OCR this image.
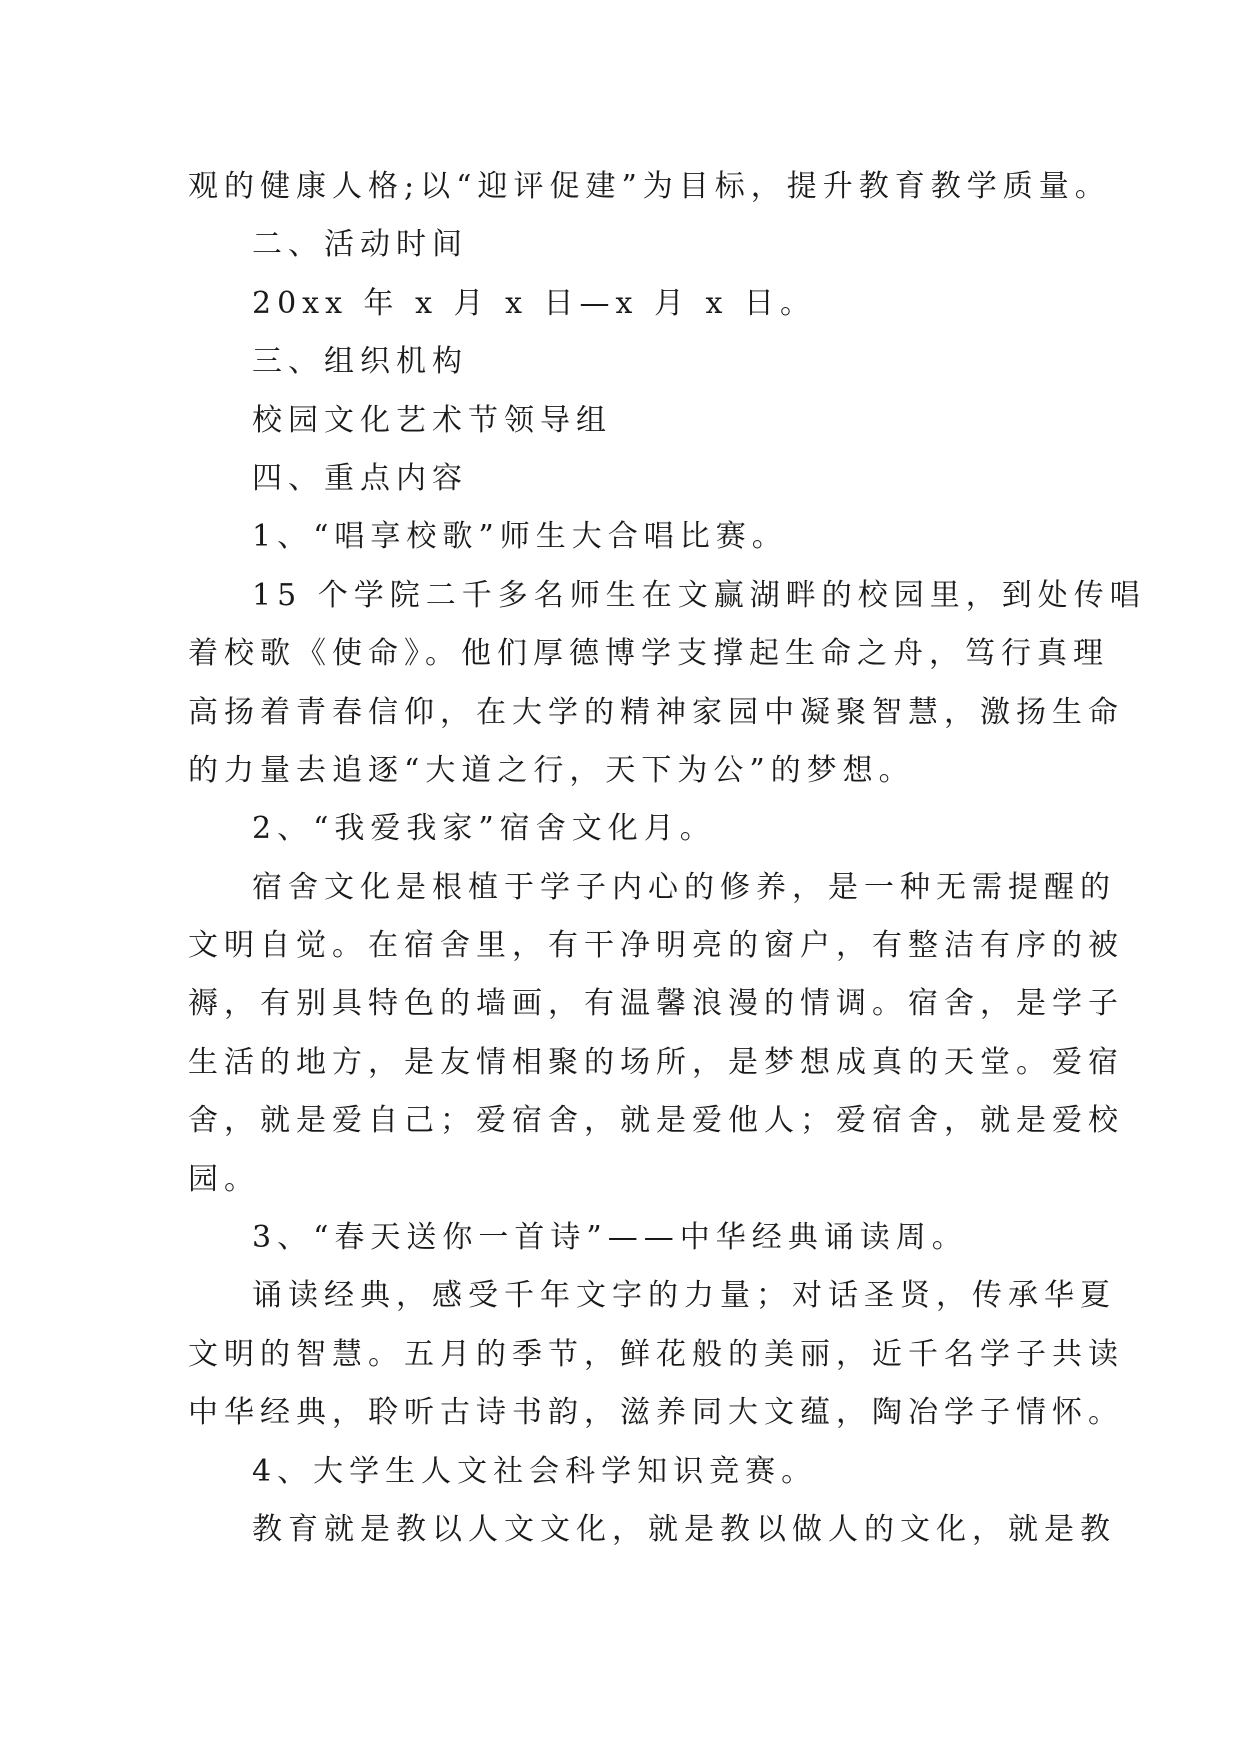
观的健康人格;以“迎评促建”为目标，提升教育教学质量。
二、活动时间
20xx 年 x 月 x 日—x 月 x 日。
三、组织机构
校园文化艺术节领导组
四、重点内容
1、“唱享校歌”师生大合唱比赛。
15 个学院二千多名师生在文赢湖畔的校园里，到处传唱
着校歌《使命》。他们厚德博学支撑起生命之舟，笃行真理
高扬着青春信仰，在大学的精神家园中凝聚智慧，激扬生命
的力量去追逐“大道之行，天下为公”的梦想。
2、“我爱我家”宿舍文化月。
宿舍文化是根植于学子内心的修养，是一种无需提醒的
文明自觉。在宿舍里，有干净明亮的窗户，有整洁有序的被
褥，有别具特色的墙画，有温馨浪漫的情调。宿舍，是学子
生活的地方，是友情相聚的场所，是梦想成真的天堂。爱宿
舍，就是爱自己；爱宿舍，就是爱他人；爱宿舍，就是爱校
园。
3、“春天送你一首诗”——中华经典诵读周。
诵读经典，感受千年文字的力量；对话圣贤，传承华夏
文明的智慧。五月的季节，鲜花般的美丽，近千名学子共读
中华经典，聆听古诗书韵，滋养同大文蕴，陶冶学子情怀。
4、大学生人文社会科学知识竞赛。
教育就是教以人文文化，就是教以做人的文化，就是教
